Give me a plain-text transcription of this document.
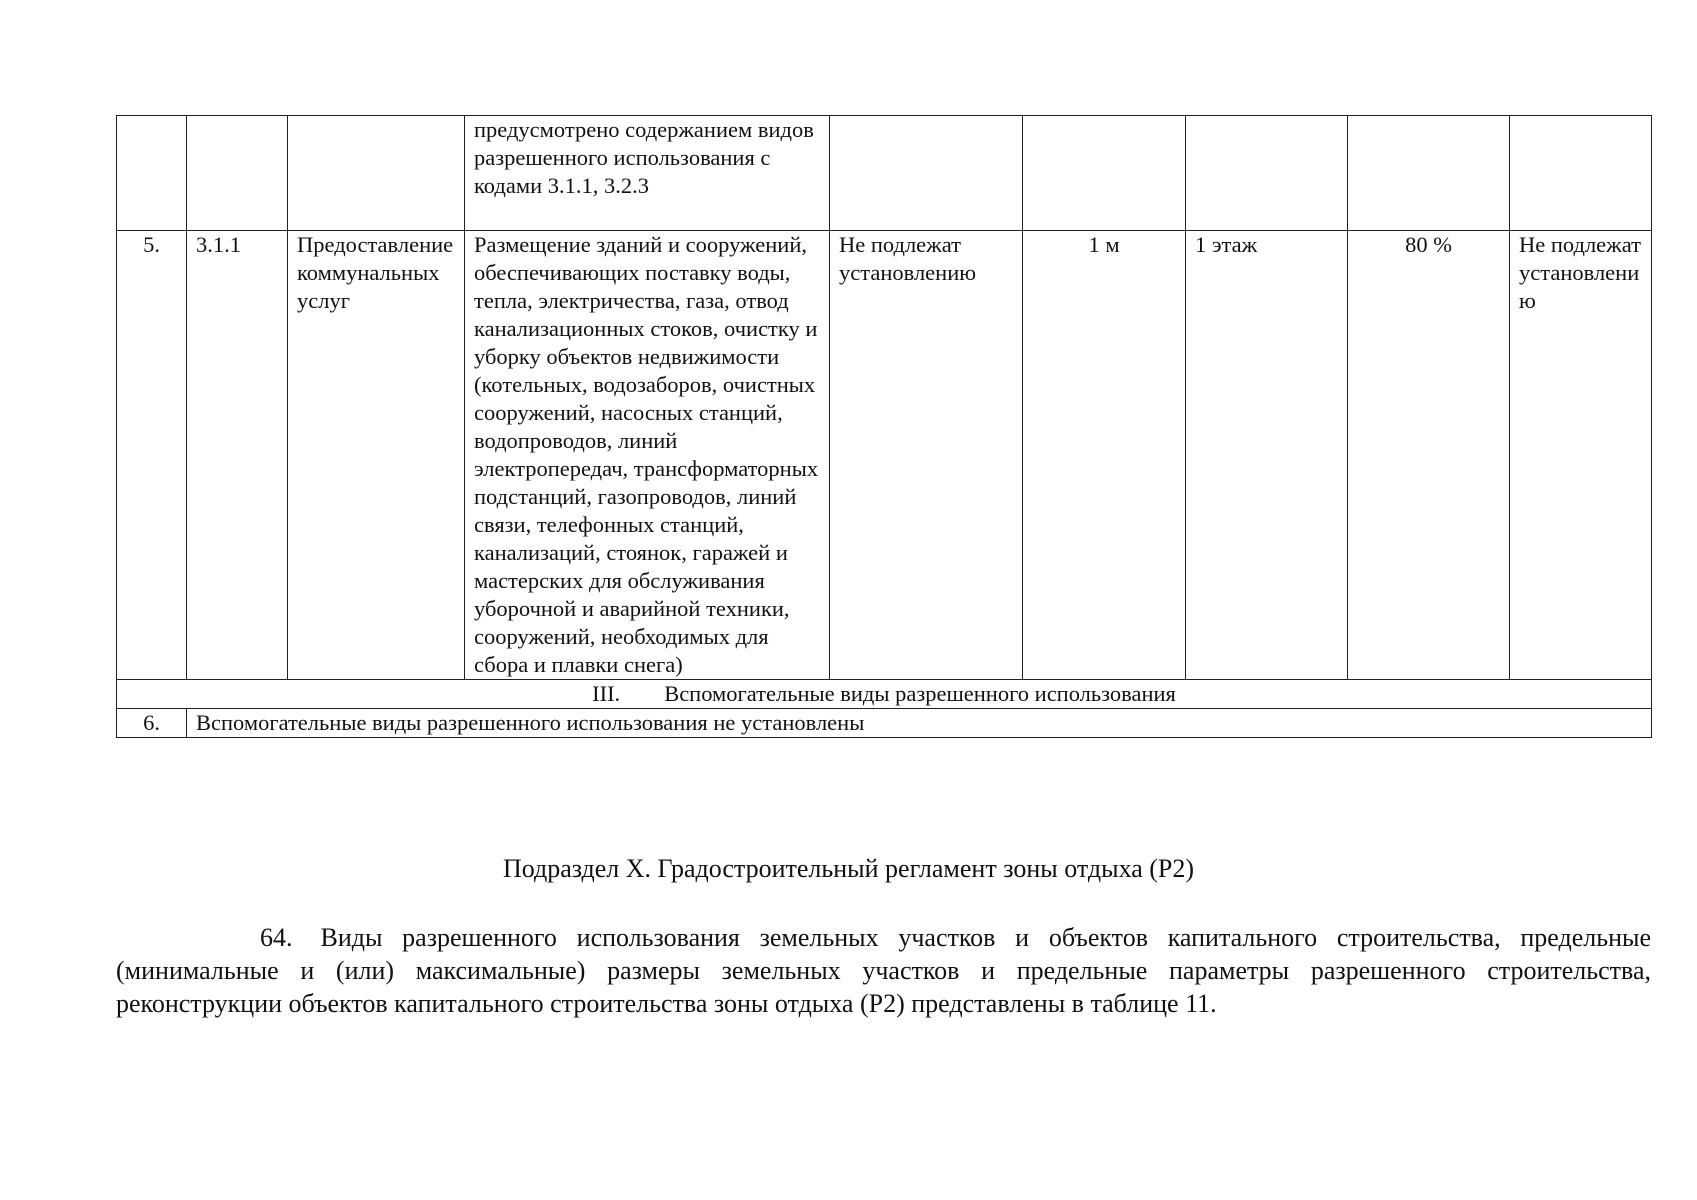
			предусмотрено содержанием видов разрешенного использования с кодами 3.1.1, 3.2.3					
5.	3.1.1	Предоставление коммунальных услуг	Размещение зданий и сооружений, обеспечивающих поставку воды, тепла, электричества, газа, отвод канализационных стоков, очистку и уборку объектов недвижимости (котельных, водозаборов, очистных сооружений, насосных станций, водопроводов, линий электропередач, трансформаторных подстанций, газопроводов, линий связи, телефонных станций, канализаций, стоянок, гаражей и мастерских для обслуживания уборочной и аварийной техники, сооружений, необходимых для сбора и плавки снега)	Не подлежат установлению	1 м	1 этаж	80 %	Не подлежат установлению
III. Вспомогательные виды разрешенного использования								
6.	Вспомогательные виды разрешенного использования не установлены							
Подраздел X. Градостроительный регламент зоны отдыха (Р2)
64. Виды разрешенного использования земельных участков и объектов капитального строительства, предельные (минимальные и (или) максимальные) размеры земельных участков и предельные параметры разрешенного строительства, реконструкции объектов капитального строительства зоны отдыха (Р2) представлены в таблице 11.
